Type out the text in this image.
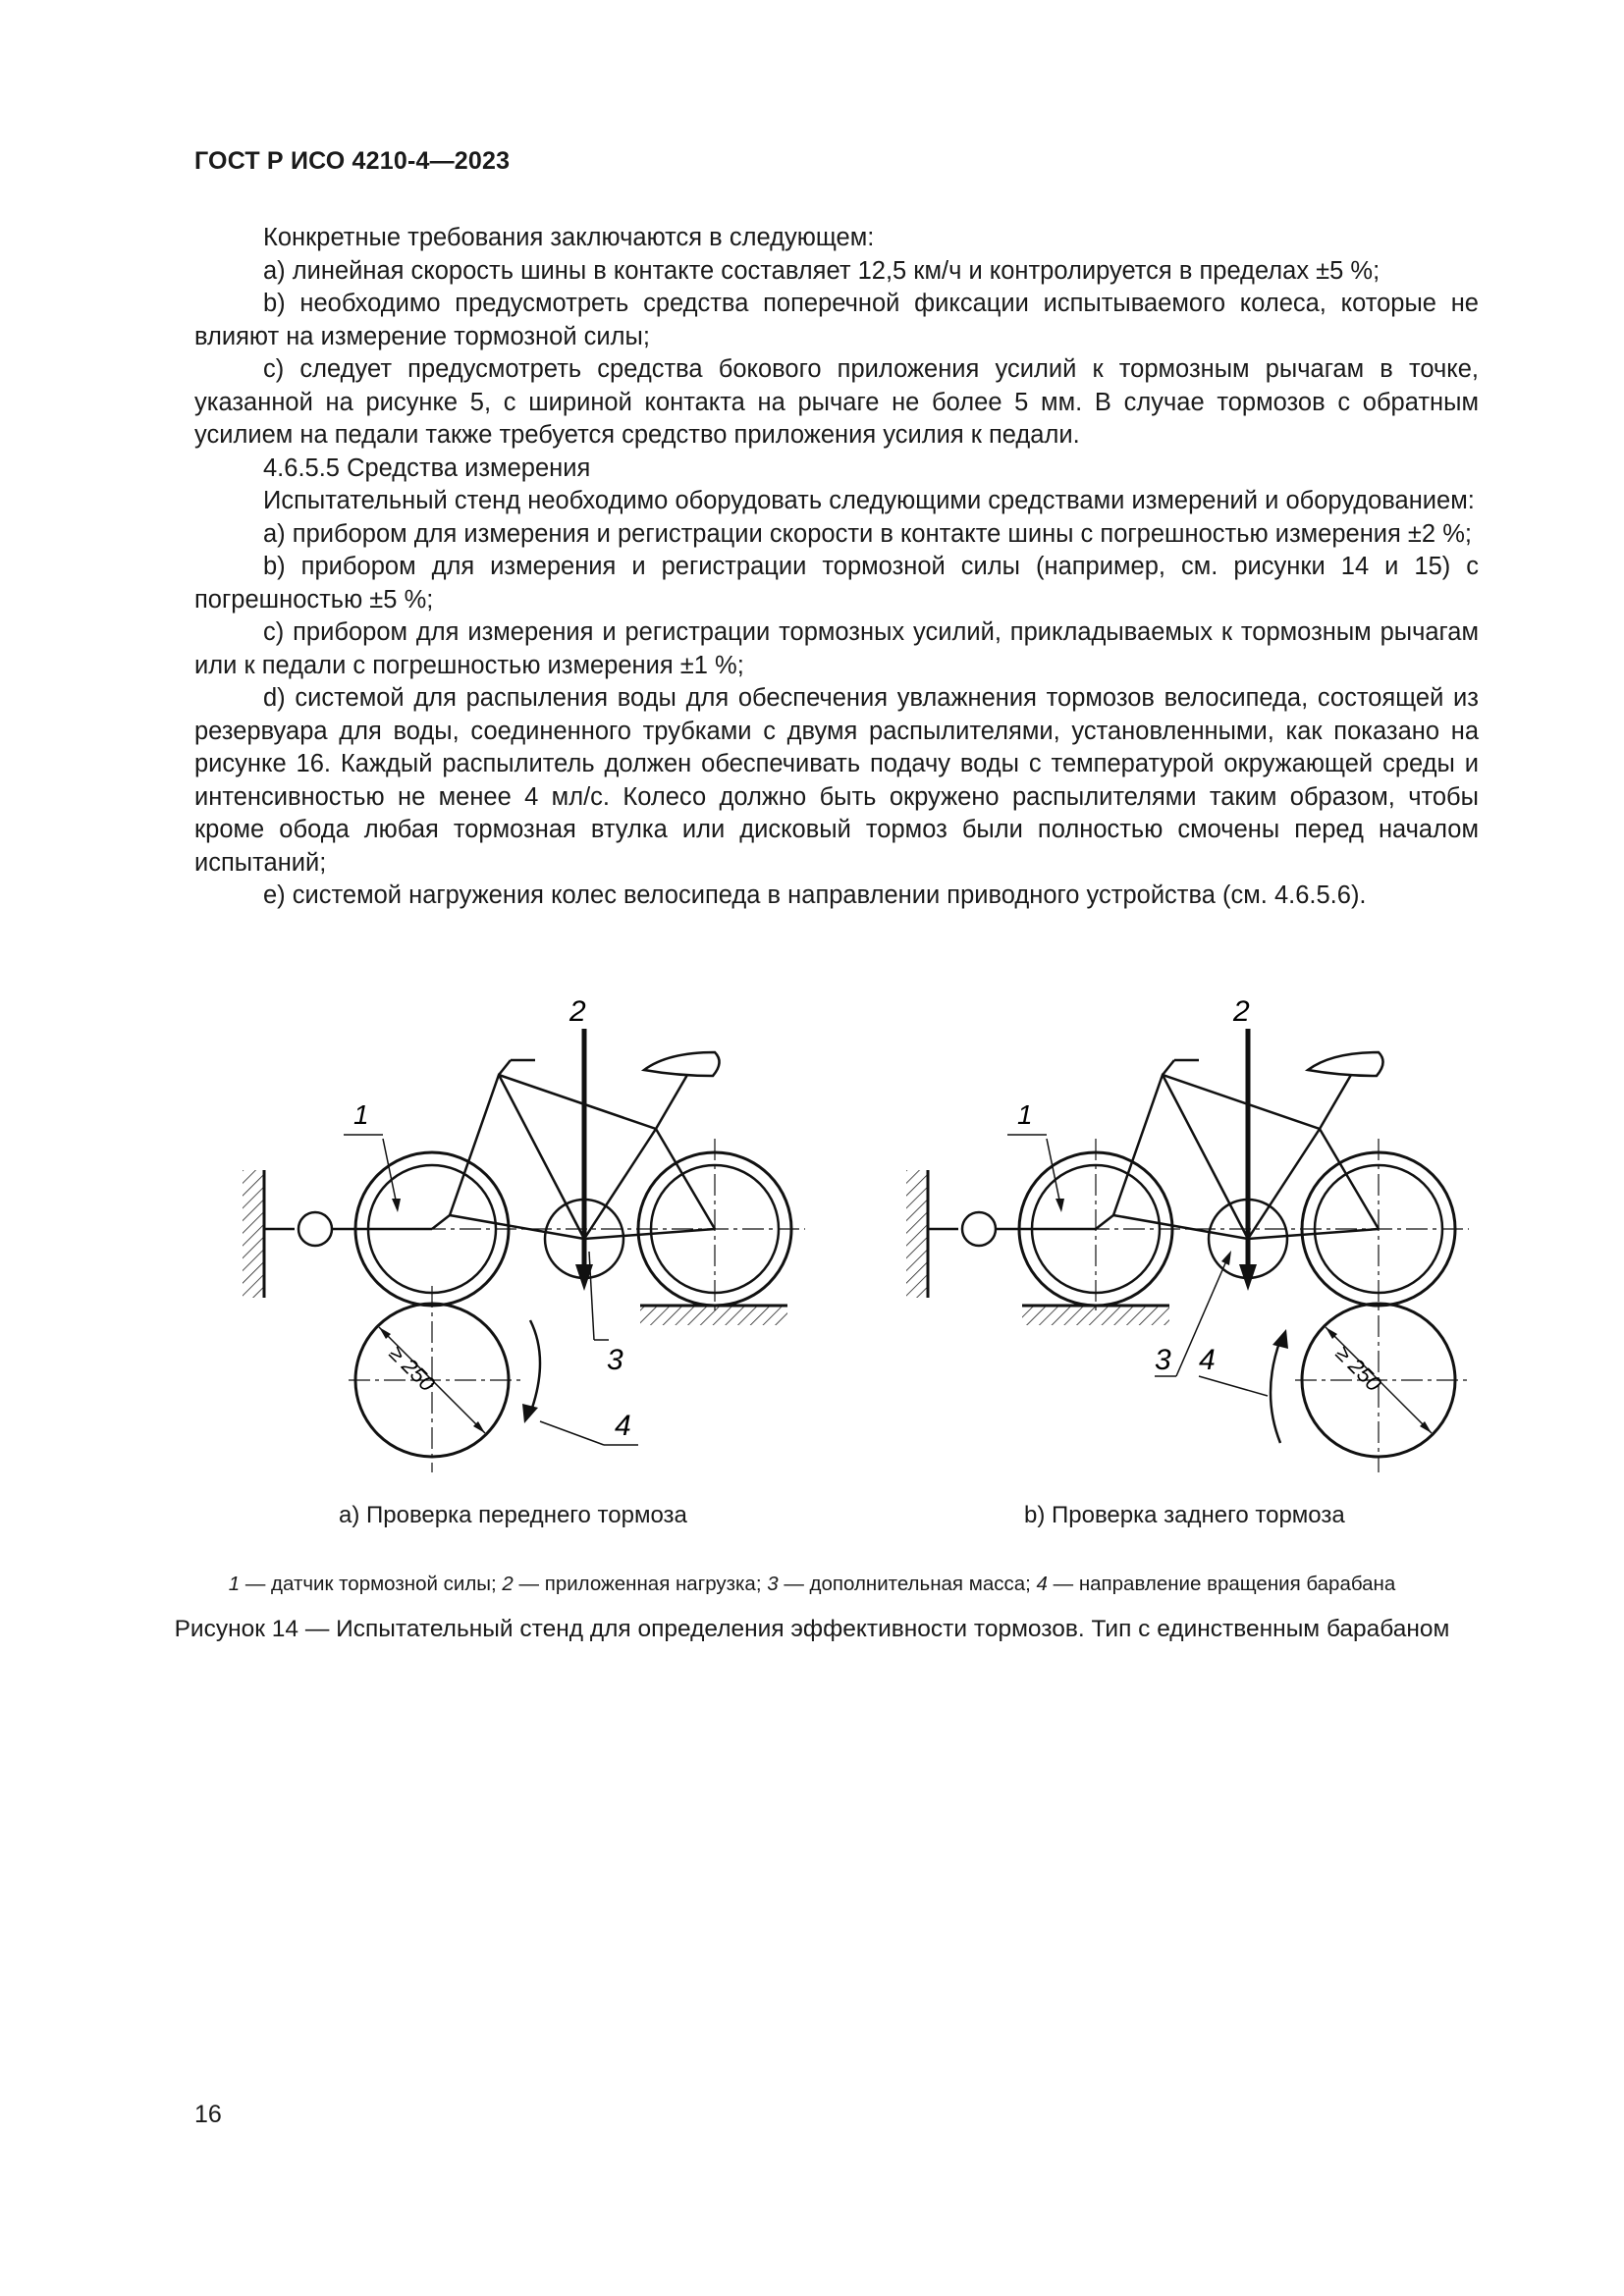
ГОСТ Р ИСО 4210-4—2023

Конкретные требования заключаются в следующем:

a) линейная скорость шины в контакте составляет 12,5 км/ч и контролируется в пределах ±5 %;

b) необходимо предусмотреть средства поперечной фиксации испытываемого колеса, которые не влияют на измерение тормозной силы;

c) следует предусмотреть средства бокового приложения усилий к тормозным рычагам в точке, указанной на рисунке 5, с шириной контакта на рычаге не более 5 мм. В случае тормозов с обратным усилием на педали также требуется средство приложения усилия к педали.

4.6.5.5 Средства измерения

Испытательный стенд необходимо оборудовать следующими средствами измерений и оборудованием:

a) прибором для измерения и регистрации скорости в контакте шины с погрешностью измерения ±2 %;

b) прибором для измерения и регистрации тормозной силы (например, см. рисунки 14 и 15) с погрешностью ±5 %;

c) прибором для измерения и регистрации тормозных усилий, прикладываемых к тормозным рычагам или к педали с погрешностью измерения ±1 %;

d) системой для распыления воды для обеспечения увлажнения тормозов велосипеда, состоящей из резервуара для воды, соединенного трубками с двумя распылителями, установленными, как показано на рисунке 16. Каждый распылитель должен обеспечивать подачу воды с температурой окружающей среды и интенсивностью не менее 4 мл/с. Колесо должно быть окружено распылителями таким образом, чтобы кроме обода любая тормозная втулка или дисковый тормоз были полностью смочены перед началом испытаний;

e) системой нагружения колес велосипеда в направлении приводного устройства (см. 4.6.5.6).

1
2
3
4
≥ 250
1
2
3 4	≥ 250
a) Проверка переднего тормоза	b) Проверка заднего тормоза
1 — датчик тормозной силы; 2 — приложенная нагрузка; 3 — дополнительная масса; 4 — направление вращения барабана
Рисунок 14 — Испытательный стенд для определения эффективности тормозов. Тип с единственным барабаном
16
